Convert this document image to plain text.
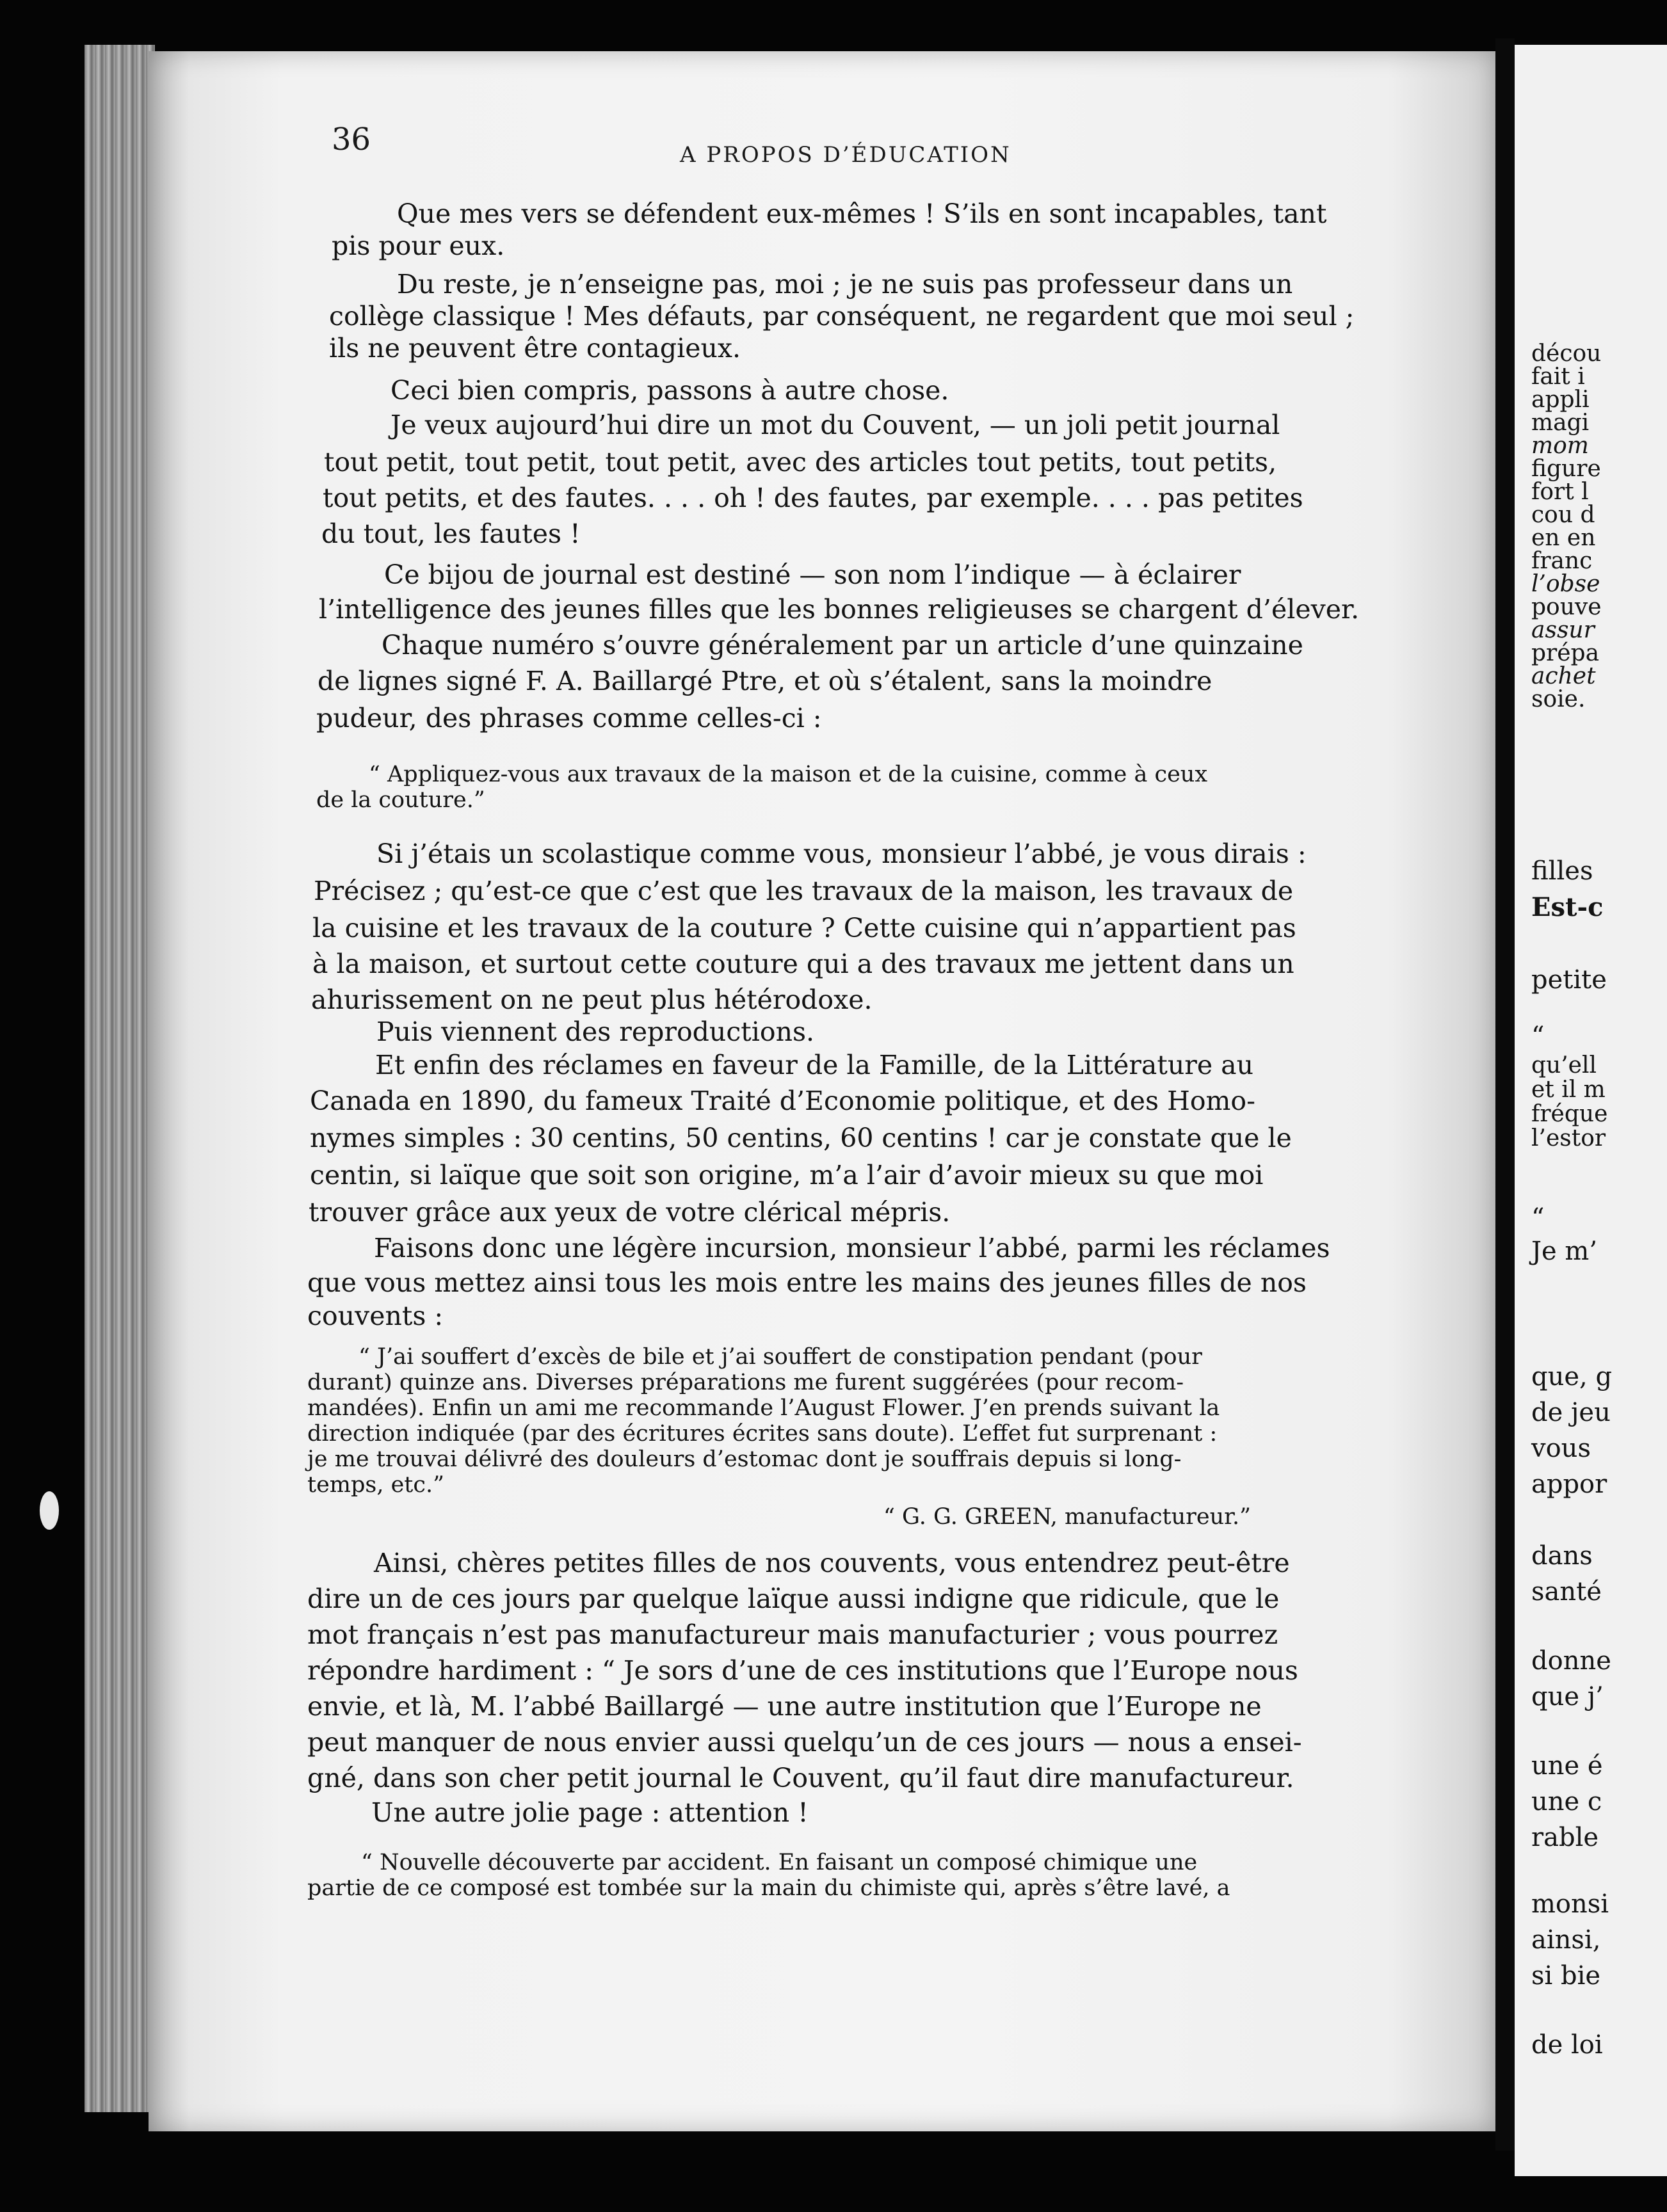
36	A PROPOS D’ÉDUCATION
Que mes vers se défendent eux-mêmes ! S’ils en sont incapables, tant
pis pour eux.
Du reste, je n’enseigne pas, moi ; je ne suis pas professeur dans un
collège classique ! Mes défauts, par conséquent, ne regardent que moi seul ;
ils ne peuvent être contagieux.
Ceci bien compris, passons à autre chose.
Je veux aujourd’hui dire un mot du Couvent, — un joli petit journal
tout petit, tout petit, tout petit, avec des articles tout petits, tout petits,
tout petits, et des fautes. . . . oh ! des fautes, par exemple. . . . pas petites
du tout, les fautes !
Ce bijou de journal est destiné — son nom l’indique — à éclairer
l’intelligence des jeunes filles que les bonnes religieuses se chargent d’élever.
Chaque numéro s’ouvre généralement par un article d’une quinzaine
de lignes signé F. A. Baillargé Ptre, et où s’étalent, sans la moindre
pudeur, des phrases comme celles-ci :
“ Appliquez-vous aux travaux de la maison et de la cuisine, comme à ceux
de la couture.”
Si j’étais un scolastique comme vous, monsieur l’abbé, je vous dirais :
Précisez ; qu’est-ce que c’est que les travaux de la maison, les travaux de
la cuisine et les travaux de la couture ? Cette cuisine qui n’appartient pas
à la maison, et surtout cette couture qui a des travaux me jettent dans un
ahurissement on ne peut plus hétérodoxe.
Puis viennent des reproductions.
Et enfin des réclames en faveur de la Famille, de la Littérature au
Canada en 1890, du fameux Traité d’Economie politique, et des Homo-
nymes simples : 30 centins, 50 centins, 60 centins ! car je constate que le
centin, si laïque que soit son origine, m’a l’air d’avoir mieux su que moi
trouver grâce aux yeux de votre clérical mépris.
Faisons donc une légère incursion, monsieur l’abbé, parmi les réclames
que vous mettez ainsi tous les mois entre les mains des jeunes filles de nos
couvents :
“ J’ai souffert d’excès de bile et j’ai souffert de constipation pendant (pour
durant) quinze ans. Diverses préparations me furent suggérées (pour recom-
mandées). Enfin un ami me recommande l’August Flower. J’en prends suivant la
direction indiquée (par des écritures écrites sans doute). L’effet fut surprenant :
je me trouvai délivré des douleurs d’estomac dont je souffrais depuis si long-
temps, etc.”
“ G. G. GREEN, manufactureur.”
Ainsi, chères petites filles de nos couvents, vous entendrez peut-être
dire un de ces jours par quelque laïque aussi indigne que ridicule, que le
mot français n’est pas manufactureur mais manufacturier ; vous pourrez
répondre hardiment : “ Je sors d’une de ces institutions que l’Europe nous
envie, et là, M. l’abbé Baillargé — une autre institution que l’Europe ne
peut manquer de nous envier aussi quelqu’un de ces jours — nous a ensei-
gné, dans son cher petit journal le Couvent, qu’il faut dire manufactureur.
Une autre jolie page : attention !
“ Nouvelle découverte par accident. En faisant un composé chimique une
partie de ce composé est tombée sur la main du chimiste qui, après s’être lavé, a
décou
fait i
appli
magi
mom
figure
fort l
cou d
en en
franc
l’obse
pouve
assur
prépa
achet
soie.
filles
Est-c
petite
“
qu’ell
et il m
fréque
l’estor
“
Je m’
que, g
de jeu
vous
appor
dans
santé
donne
que j’
une é
une c
rable
monsi
ainsi,
si bie
de loi
